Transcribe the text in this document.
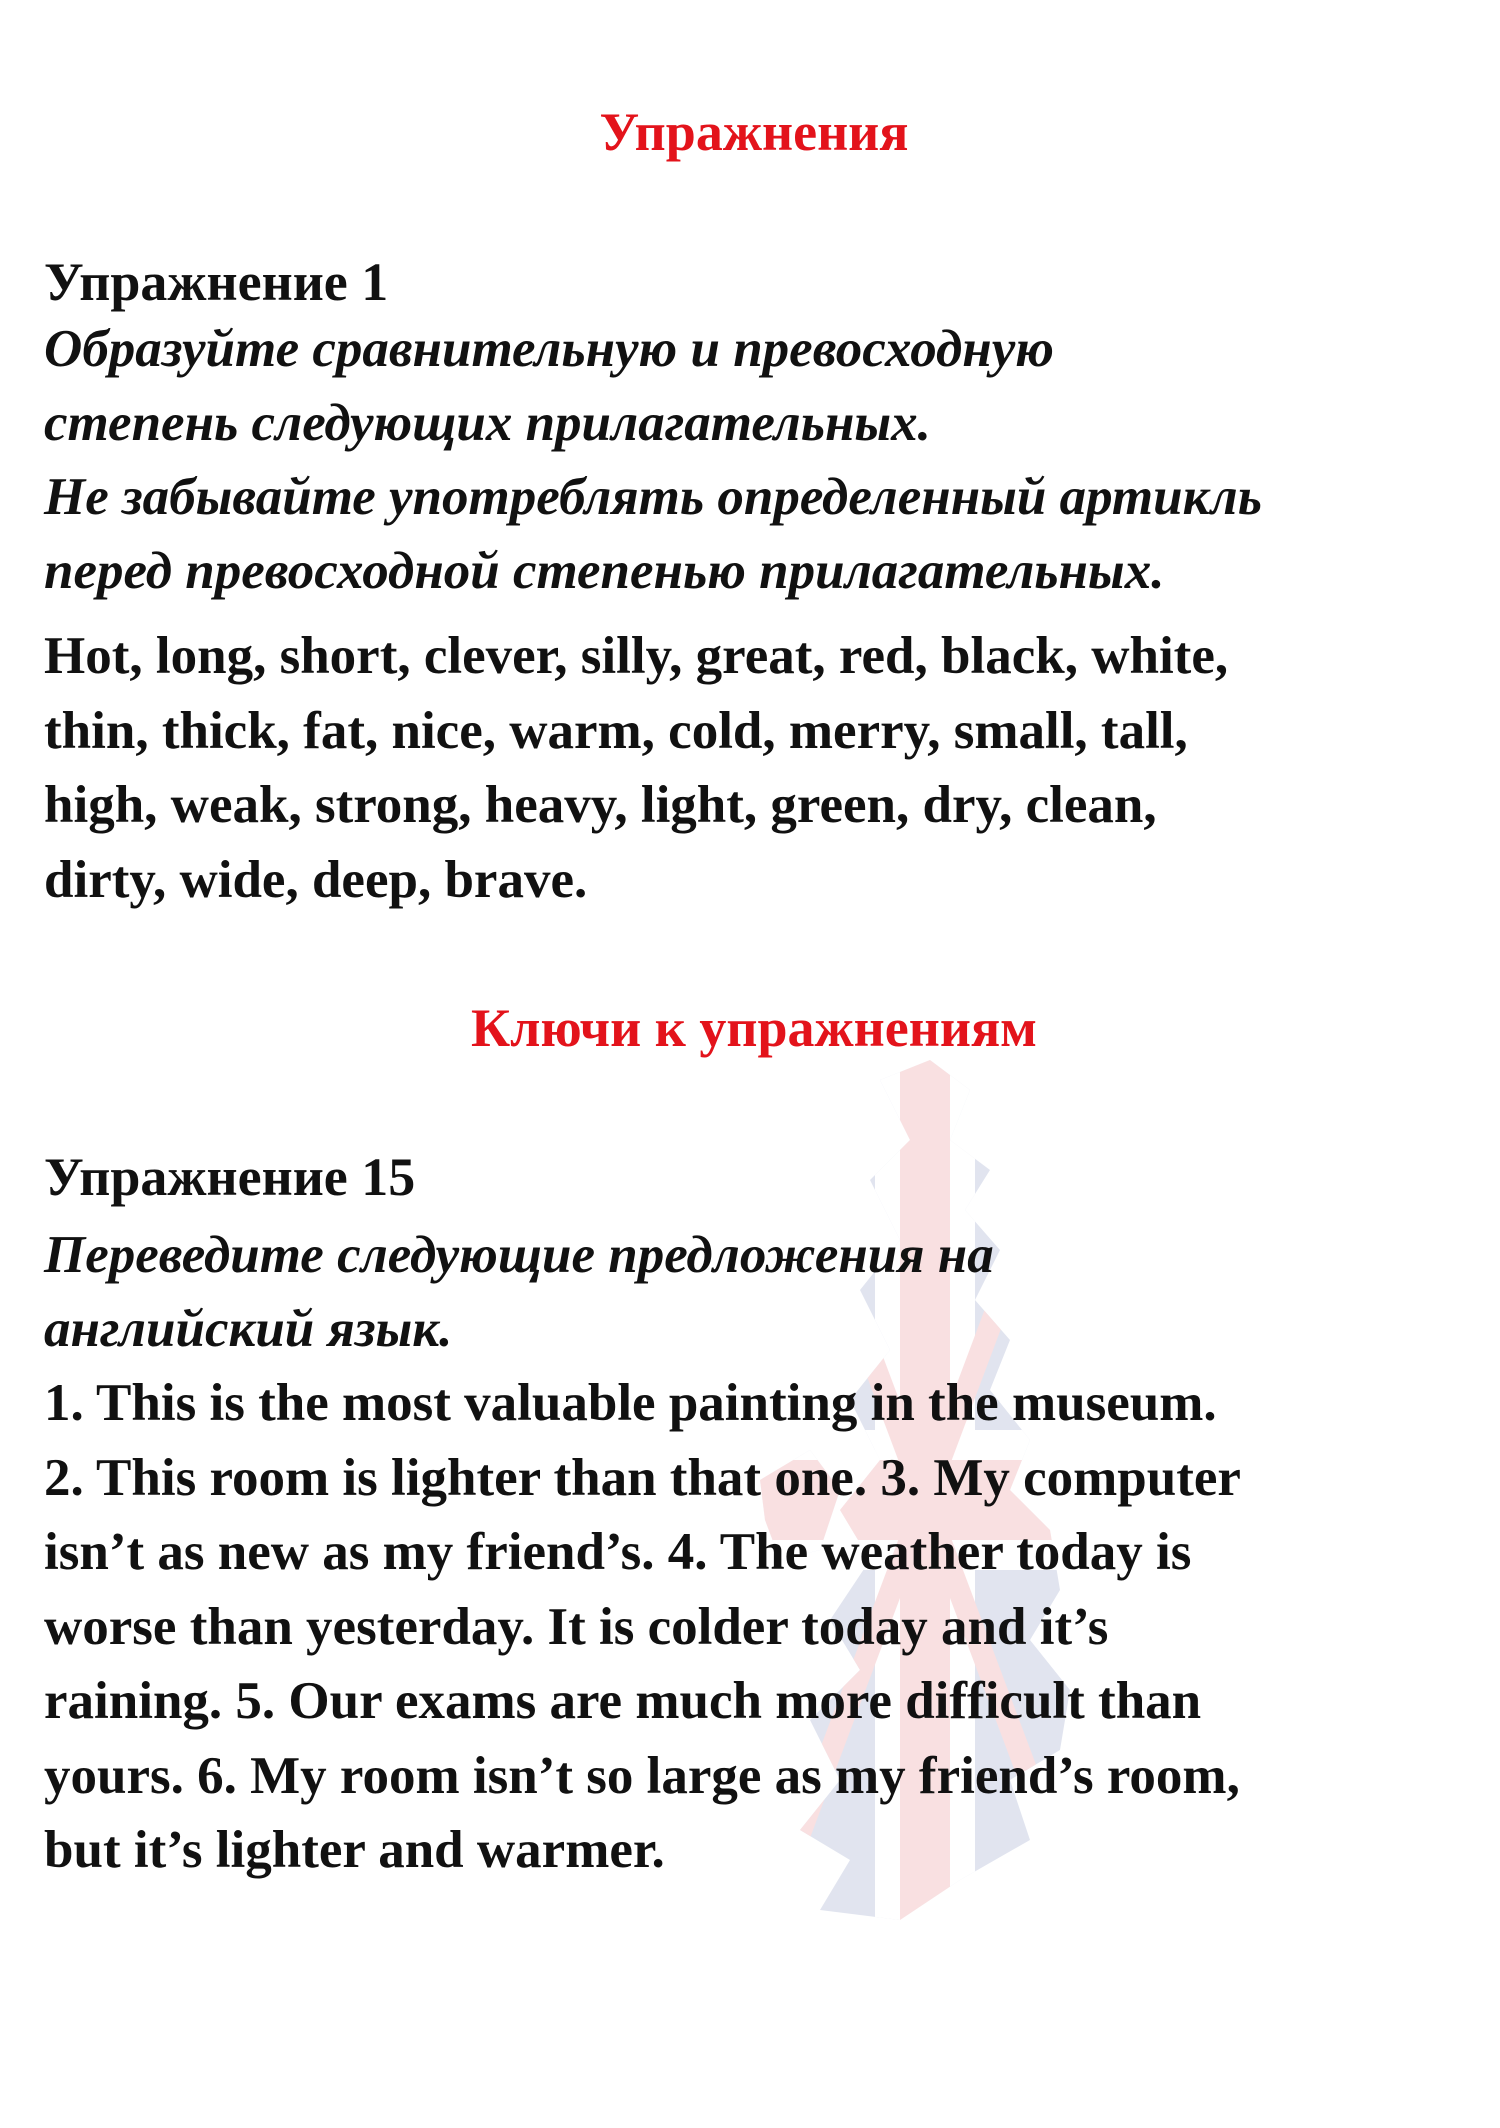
Упражнения
Упражнение 1

Образуйте сравнительную и превосходную
степень следующих прилагательных.
Не забывайте употреблять определенный артикль
перед превосходной степенью прилагательных.

Hot, long, short, clever, silly, great, red, black, white,
thin, thick, fat, nice, warm, cold, merry, small, tall,
high, weak, strong, heavy, light, green, dry, clean,
dirty, wide, deep, brave.

Ключи к упражнениям
Упражнение 15

Переведите следующие предложения на
английский язык.

1. This is the most valuable painting in the museum.
2. This room is lighter than that one. 3. My computer
isn’t as new as my friend’s. 4. The weather today is
worse than yesterday. It is colder today and it’s
raining. 5. Our exams are much more difficult than
yours. 6. My room isn’t so large as my friend’s room,
but it’s lighter and warmer.
